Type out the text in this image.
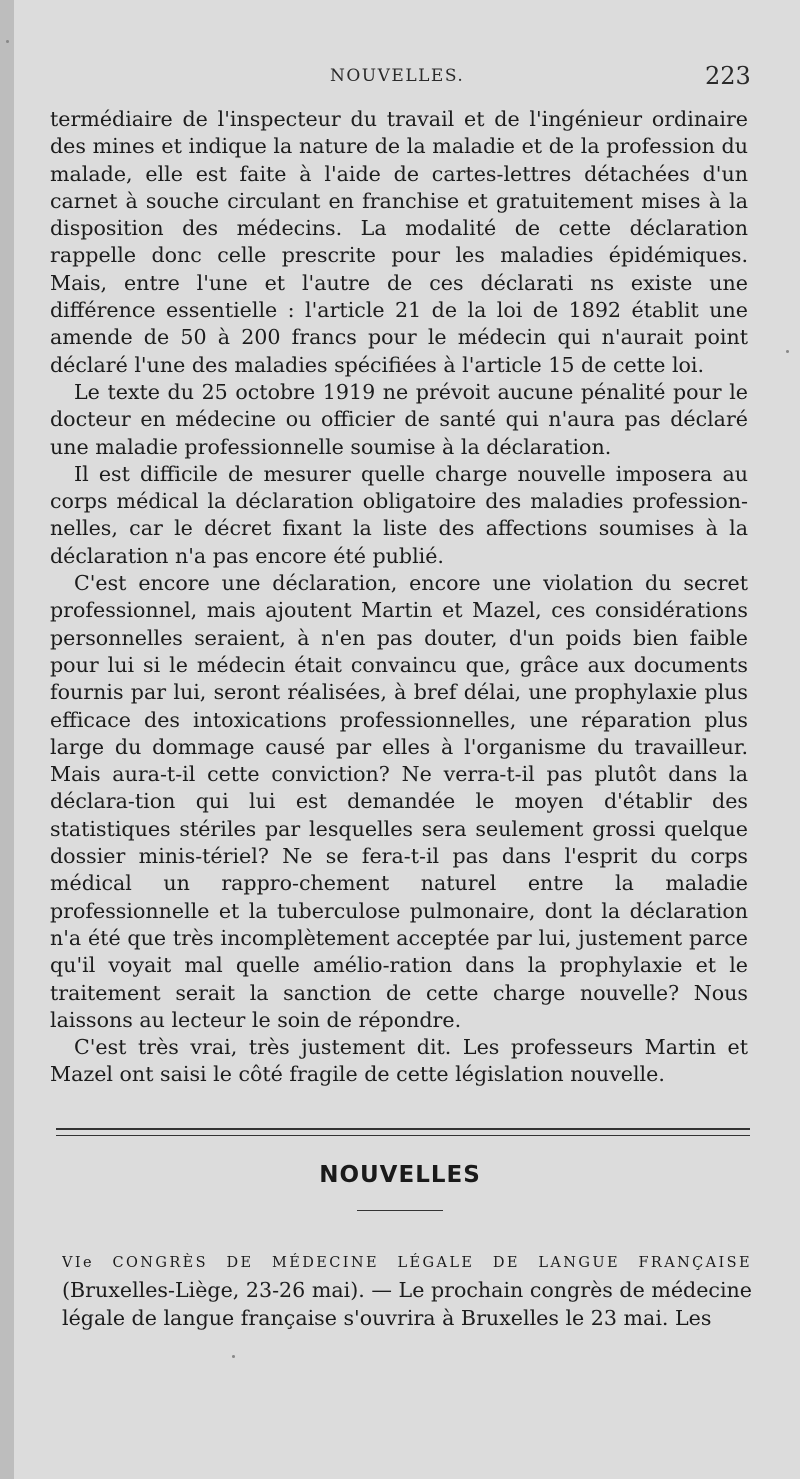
NOUVELLES.	223

termédiaire de l'inspecteur du travail et de l'ingénieur ordinaire des mines et indique la nature de la maladie et de la profession du malade, elle est faite à l'aide de cartes-lettres détachées d'un carnet à souche circulant en franchise et gratuitement mises à la disposition des médecins. La modalité de cette déclaration rappelle donc celle prescrite pour les maladies épidémiques. Mais, entre l'une et l'autre de ces déclarati ns existe une différence essentielle : l'article 21 de la loi de 1892 établit une amende de 50 à 200 francs pour le médecin qui n'aurait point déclaré l'une des maladies spécifiées à l'article 15 de cette loi.

Le texte du 25 octobre 1919 ne prévoit aucune pénalité pour le docteur en médecine ou officier de santé qui n'aura pas déclaré une maladie professionnelle soumise à la déclaration.

Il est difficile de mesurer quelle charge nouvelle imposera au corps médical la déclaration obligatoire des maladies profession-nelles, car le décret fixant la liste des affections soumises à la déclaration n'a pas encore été publié.

C'est encore une déclaration, encore une violation du secret professionnel, mais ajoutent Martin et Mazel, ces considérations personnelles seraient, à n'en pas douter, d'un poids bien faible pour lui si le médecin était convaincu que, grâce aux documents fournis par lui, seront réalisées, à bref délai, une prophylaxie plus efficace des intoxications professionnelles, une réparation plus large du dommage causé par elles à l'organisme du travailleur. Mais aura-t-il cette conviction? Ne verra-t-il pas plutôt dans la déclara-tion qui lui est demandée le moyen d'établir des statistiques stériles par lesquelles sera seulement grossi quelque dossier minis-tériel? Ne se fera-t-il pas dans l'esprit du corps médical un rappro-chement naturel entre la maladie professionnelle et la tuberculose pulmonaire, dont la déclaration n'a été que très incomplètement acceptée par lui, justement parce qu'il voyait mal quelle amélio-ration dans la prophylaxie et le traitement serait la sanction de cette charge nouvelle? Nous laissons au lecteur le soin de répondre.

C'est très vrai, très justement dit. Les professeurs Martin et Mazel ont saisi le côté fragile de cette législation nouvelle.

NOUVELLES

VIe CONGRÈS DE MÉDECINE LÉGALE DE LANGUE FRANÇAISE

(Bruxelles-Liège, 23-26 mai). — Le prochain congrès de médecine légale de langue française s'ouvrira à Bruxelles le 23 mai. Les
